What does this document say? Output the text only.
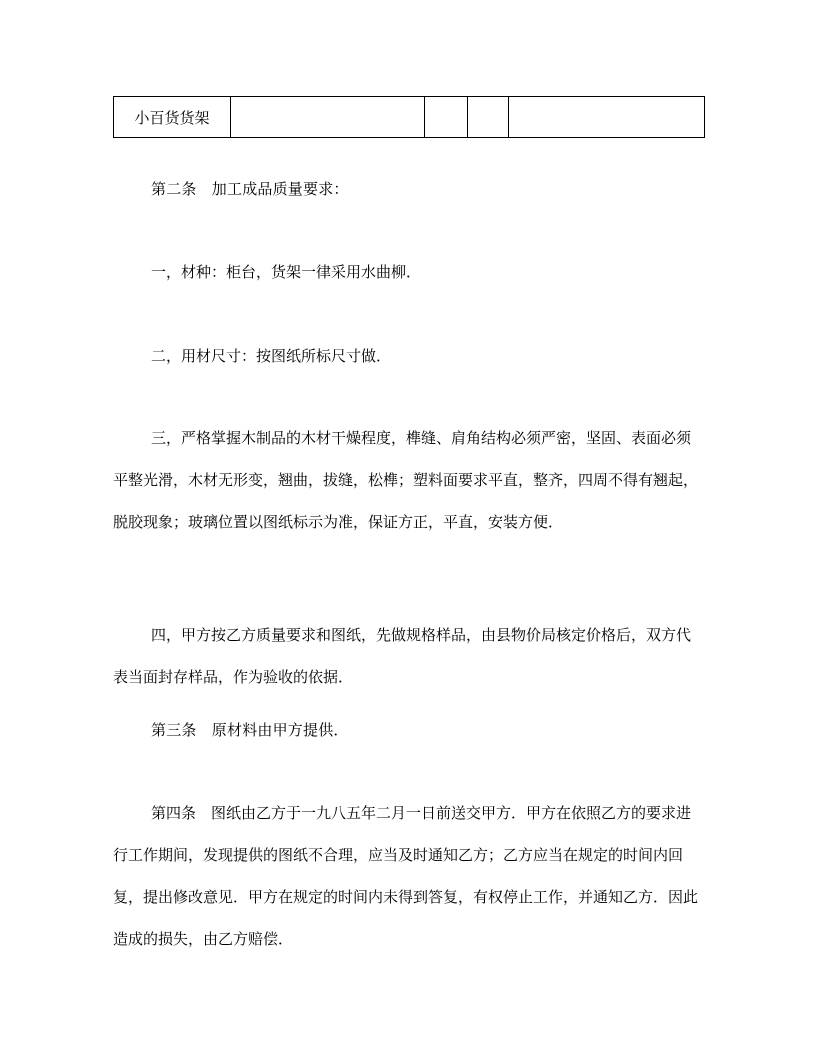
小百货货架				

第二条　加工成品质量要求：

一，材种：柜台，货架一律采用水曲柳．

二，用材尺寸：按图纸所标尺寸做．

三，严格掌握木制品的木材干燥程度，榫缝、肩角结构必须严密，坚固、表面必须平整光滑，木材无形变，翘曲，拔缝，松榫；塑料面要求平直，整齐，四周不得有翘起，脱胶现象；玻璃位置以图纸标示为准，保证方正，平直，安装方便．

四，甲方按乙方质量要求和图纸，先做规格样品，由县物价局核定价格后，双方代表当面封存样品，作为验收的依据．

第三条　原材料由甲方提供．

第四条　图纸由乙方于一九八五年二月一日前送交甲方．甲方在依照乙方的要求进行工作期间，发现提供的图纸不合理，应当及时通知乙方；乙方应当在规定的时间内回复，提出修改意见．甲方在规定的时间内未得到答复，有权停止工作，并通知乙方．因此造成的损失，由乙方赔偿．
